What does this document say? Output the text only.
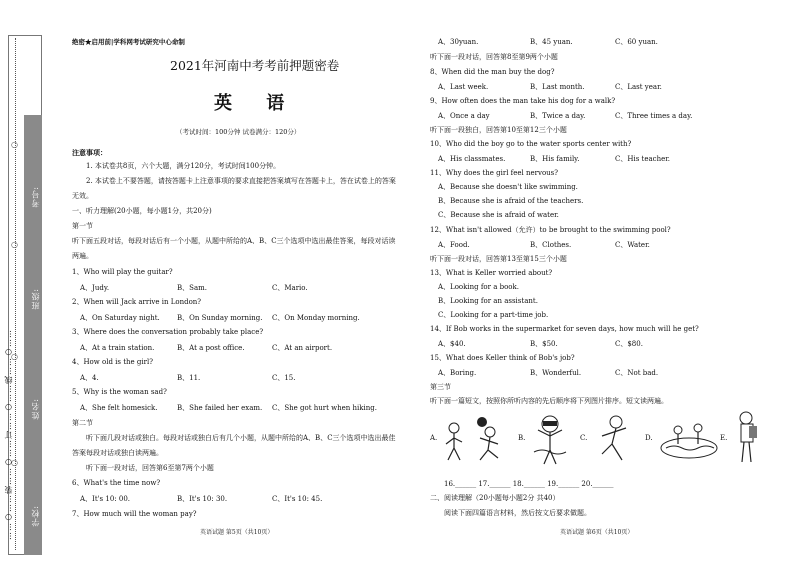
……○……装……○……订……○……线……○…… 学校:
姓名:
班级:
考号:
○
○
○
○
绝密★启用前|学科网考试研究中心命制
2021年河南中考考前押题密卷
英 语
（考试时间：100分钟 试卷满分：120分）
注意事项：
1. 本试卷共8页，六个大题，满分120分，考试时间100分钟。
2. 本试卷上不要答题，请按答题卡上注意事项的要求直接把答案填写在答题卡上，答在试卷上的答案
无效。
一、听力理解(20小题，每小题1分，共20分)
第一节
听下面五段对话，每段对话后有一个小题，从题中所给的A、B、C三个选项中选出最佳答案，每段对话读
两遍。
1、Who will play the guitar?
A、Judy.	B、Sam.	C、Mario.
2、When will Jack arrive in London?
A、On Saturday night. B、On Sunday morning. C、On Monday morning.
3、Where does the conversation probably take place?
A、At a train station.	B、At a post office.	C、At an airport.
4、How old is the girl?
A、4.	B、11.	C、15.
5、Why is the woman sad?
A、She felt homesick.	B、She failed her exam. C、She got hurt when hiking.
第二节
听下面几段对话或独白。每段对话或独白后有几个小题，从题中所给的A、B、C三个选项中选出最佳
答案每段对话或独白读两遍。
听下面一段对话，回答第6至第7两个小题
6、What's the time now?
A、It's 10: 00.	B、It's 10: 30.	C、It's 10: 45.
7、How much will the woman pay?
英语试题 第5页（共10页）
A、30yuan.	B、45 yuan.	C、60 yuan.
听下面一段对话，回答第8至第9两个小题
8、When did the man buy the dog?
A、Last week.	B、Last month.	C、Last year.
9、How often does the man take his dog for a walk?
A、Once a day	B、Twice a day.	C、Three times a day.
听下面一段独白，回答第10至第12三个小题
10、Who did the boy go to the water sports center with?
A、His classmates.	B、His family.	C、His teacher.
11、Why does the girl feel nervous?
A、Because she doesn't like swimming.
B、Because she is afraid of the teachers.
C、Because she is afraid of water.
12、What isn't allowed（允许）to be brought to the swimming pool?
A、Food.	B、Clothes.	C、Water.
听下面一段对话，回答第13至第15三个小题
13、What is Keller worried about?
A、Looking for a book.
B、Looking for an assistant.
C、Looking for a part-time job.
14、If Bob works in the supermarket for seven days, how much will he get?
A、$40.	B、$50.	C、$80.
15、What does Keller think of Bob's job?
A、Boring.	B、Wonderful.	C、Not bad.
第三节
听下面一篇短文，按照你所听内容的先后顺序将下列图片排序。短文读两遍。
A.	B.	C.	D.	E.
16.______ 17.______ 18.______ 19.______ 20.______
二、阅读理解（20小题每小题2分 共40）
阅读下面四篇语言材料，然后按文后要求做题。
英语试题 第6页（共10页）
